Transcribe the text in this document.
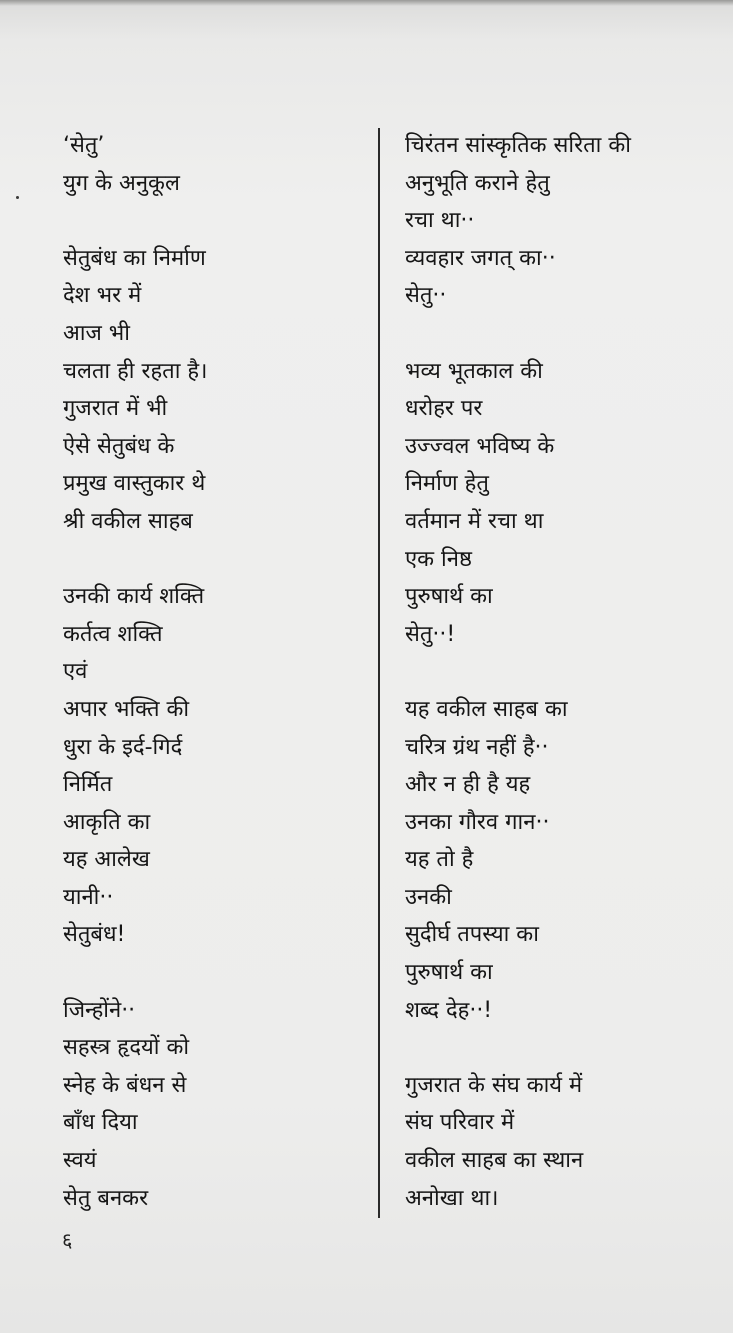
‘सेतु’
युग के अनुकूल
सेतुबंध का निर्माण
देश भर में
आज भी
चलता ही रहता है।
गुजरात में भी
ऐसे सेतुबंध के
प्रमुख वास्तुकार थे
श्री वकील साहब
उनकी कार्य शक्ति
कर्तत्व शक्ति
एवं
अपार भक्ति की
धुरा के इर्द-गिर्द
निर्मित
आकृति का
यह आलेख
यानी··
सेतुबंध!
जिन्होंने··
सहस्त्र हृदयों को
स्नेह के बंधन से
बाँध दिया
स्वयं
सेतु बनकर
चिरंतन सांस्कृतिक सरिता की
अनुभूति कराने हेतु
रचा था··
व्यवहार जगत् का··
सेतु··
भव्य भूतकाल की
धरोहर पर
उज्ज्वल भविष्य के
निर्माण हेतु
वर्तमान में रचा था
एक निष्ठ
पुरुषार्थ का
सेतु··!
यह वकील साहब का
चरित्र ग्रंथ नहीं है··
और न ही है यह
उनका गौरव गान··
यह तो है
उनकी
सुदीर्घ तपस्या का
पुरुषार्थ का
शब्द देह··!
गुजरात के संघ कार्य में
संघ परिवार में
वकील साहब का स्थान
अनोखा था।
६
